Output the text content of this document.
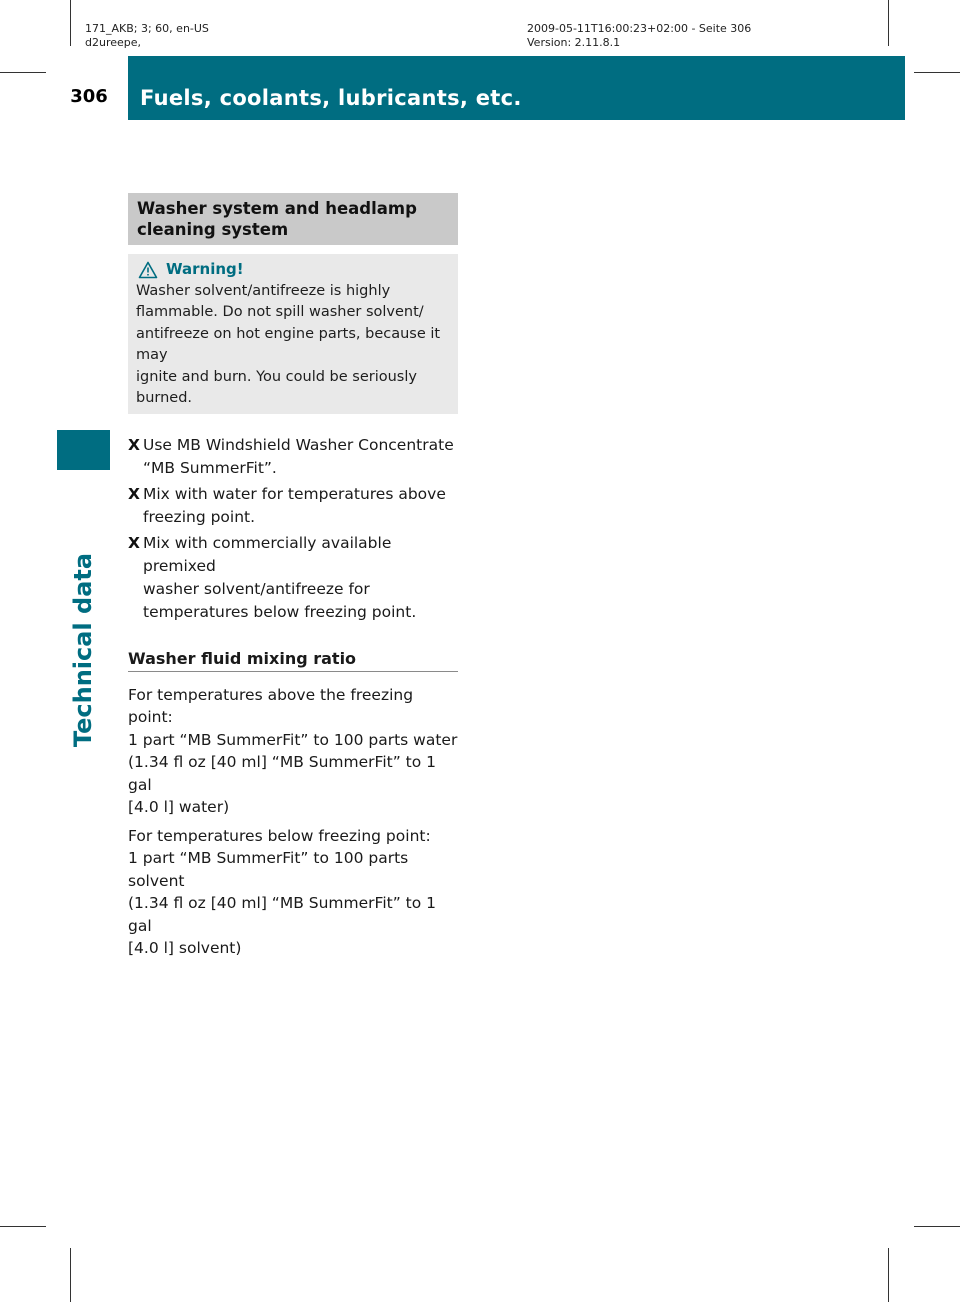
171_AKB; 3; 60, en-US
d2ureepe,
2009-05-11T16:00:23+02:00 - Seite 306
Version: 2.11.8.1
306	Fuels, coolants, lubricants, etc.
Technical data
Washer system and headlamp
cleaning system
Warning!
Washer solvent/antifreeze is highly
flammable. Do not spill washer solvent/
antifreeze on hot engine parts, because it may
ignite and burn. You could be seriously
burned.
X Use MB Windshield Washer Concentrate
“MB SummerFit”.
X Mix with water for temperatures above
freezing point.
X Mix with commercially available premixed
washer solvent/antifreeze for
temperatures below freezing point.
Washer fluid mixing ratio
For temperatures above the freezing point:
1 part “MB SummerFit” to 100 parts water
(1.34 fl oz [40 ml] “MB SummerFit” to 1 gal
[4.0 l] water)
For temperatures below freezing point:
1 part “MB SummerFit” to 100 parts solvent
(1.34 fl oz [40 ml] “MB SummerFit” to 1 gal
[4.0 l] solvent)
